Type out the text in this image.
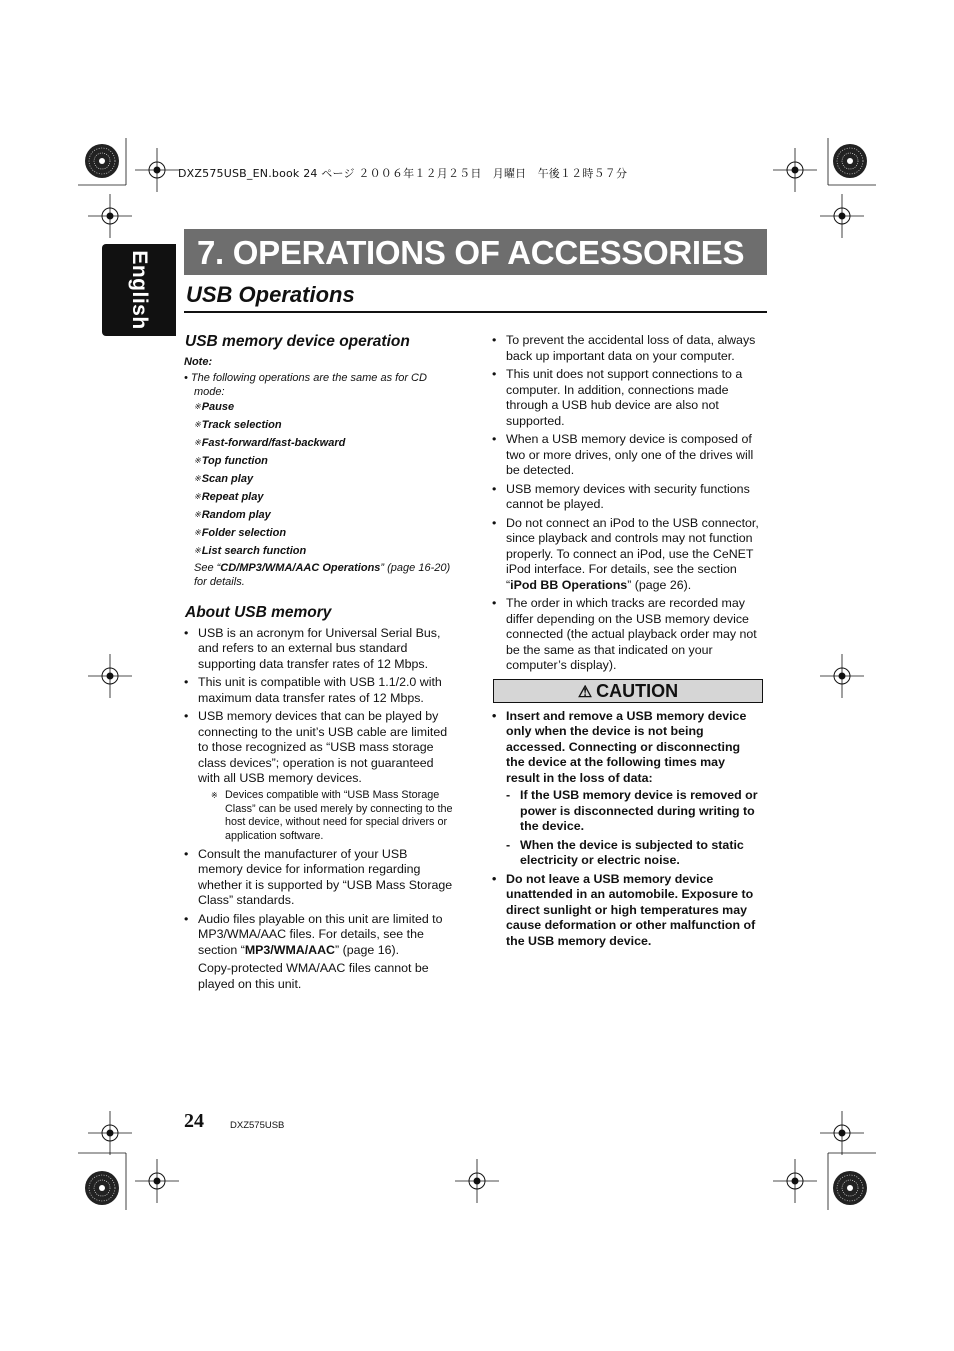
DXZ575USB_EN.book 24 ページ ２００６年１２月２５日　月曜日　午後１２時５７分
English 7. OPERATIONS OF ACCESSORIES
USB Operations
USB memory device operation
Note:
• The following operations are the same as for CD mode:
※ Pause
※ Track selection
※ Fast-forward/fast-backward
※ Top function
※ Scan play
※ Repeat play
※ Random play
※ Folder selection
※ List search function
See “CD/MP3/WMA/AAC Operations” (page 16-20) for details.
About USB memory
• USB is an acronym for Universal Serial Bus, and refers to an external bus standard supporting data transfer rates of 12 Mbps.
• This unit is compatible with USB 1.1/2.0 with maximum data transfer rates of 12 Mbps.
• USB memory devices that can be played by connecting to the unit’s USB cable are limited to those recognized as “USB mass storage class devices”; operation is not guaranteed with all USB memory devices.
※ Devices compatible with “USB Mass Storage Class” can be used merely by connecting to the host device, without need for special drivers or application software.
• Consult the manufacturer of your USB memory device for information regarding whether it is supported by “USB Mass Storage Class” standards.
• Audio files playable on this unit are limited to MP3/WMA/AAC files. For details, see the section “MP3/WMA/AAC” (page 16).
Copy-protected WMA/AAC files cannot be played on this unit.
• To prevent the accidental loss of data, always back up important data on your computer.
• This unit does not support connections to a computer. In addition, connections made through a USB hub device are also not supported.
• When a USB memory device is composed of two or more drives, only one of the drives will be detected.
• USB memory devices with security functions cannot be played.
• Do not connect an iPod to the USB connector, since playback and controls may not function properly. To connect an iPod, use the CeNET iPod interface. For details, see the section “iPod BB Operations” (page 26).
• The order in which tracks are recorded may differ depending on the USB memory device connected (the actual playback order may not be the same as that indicated on your computer’s display).
⚠ CAUTION
• Insert and remove a USB memory device only when the device is not being accessed. Connecting or disconnecting the device at the following times may result in the loss of data:
- If the USB memory device is removed or power is disconnected during writing to the device.
- When the device is subjected to static electricity or electric noise.
• Do not leave a USB memory device unattended in an automobile. Exposure to direct sunlight or high temperatures may cause deformation or other malfunction of the USB memory device.
24	DXZ575USB
